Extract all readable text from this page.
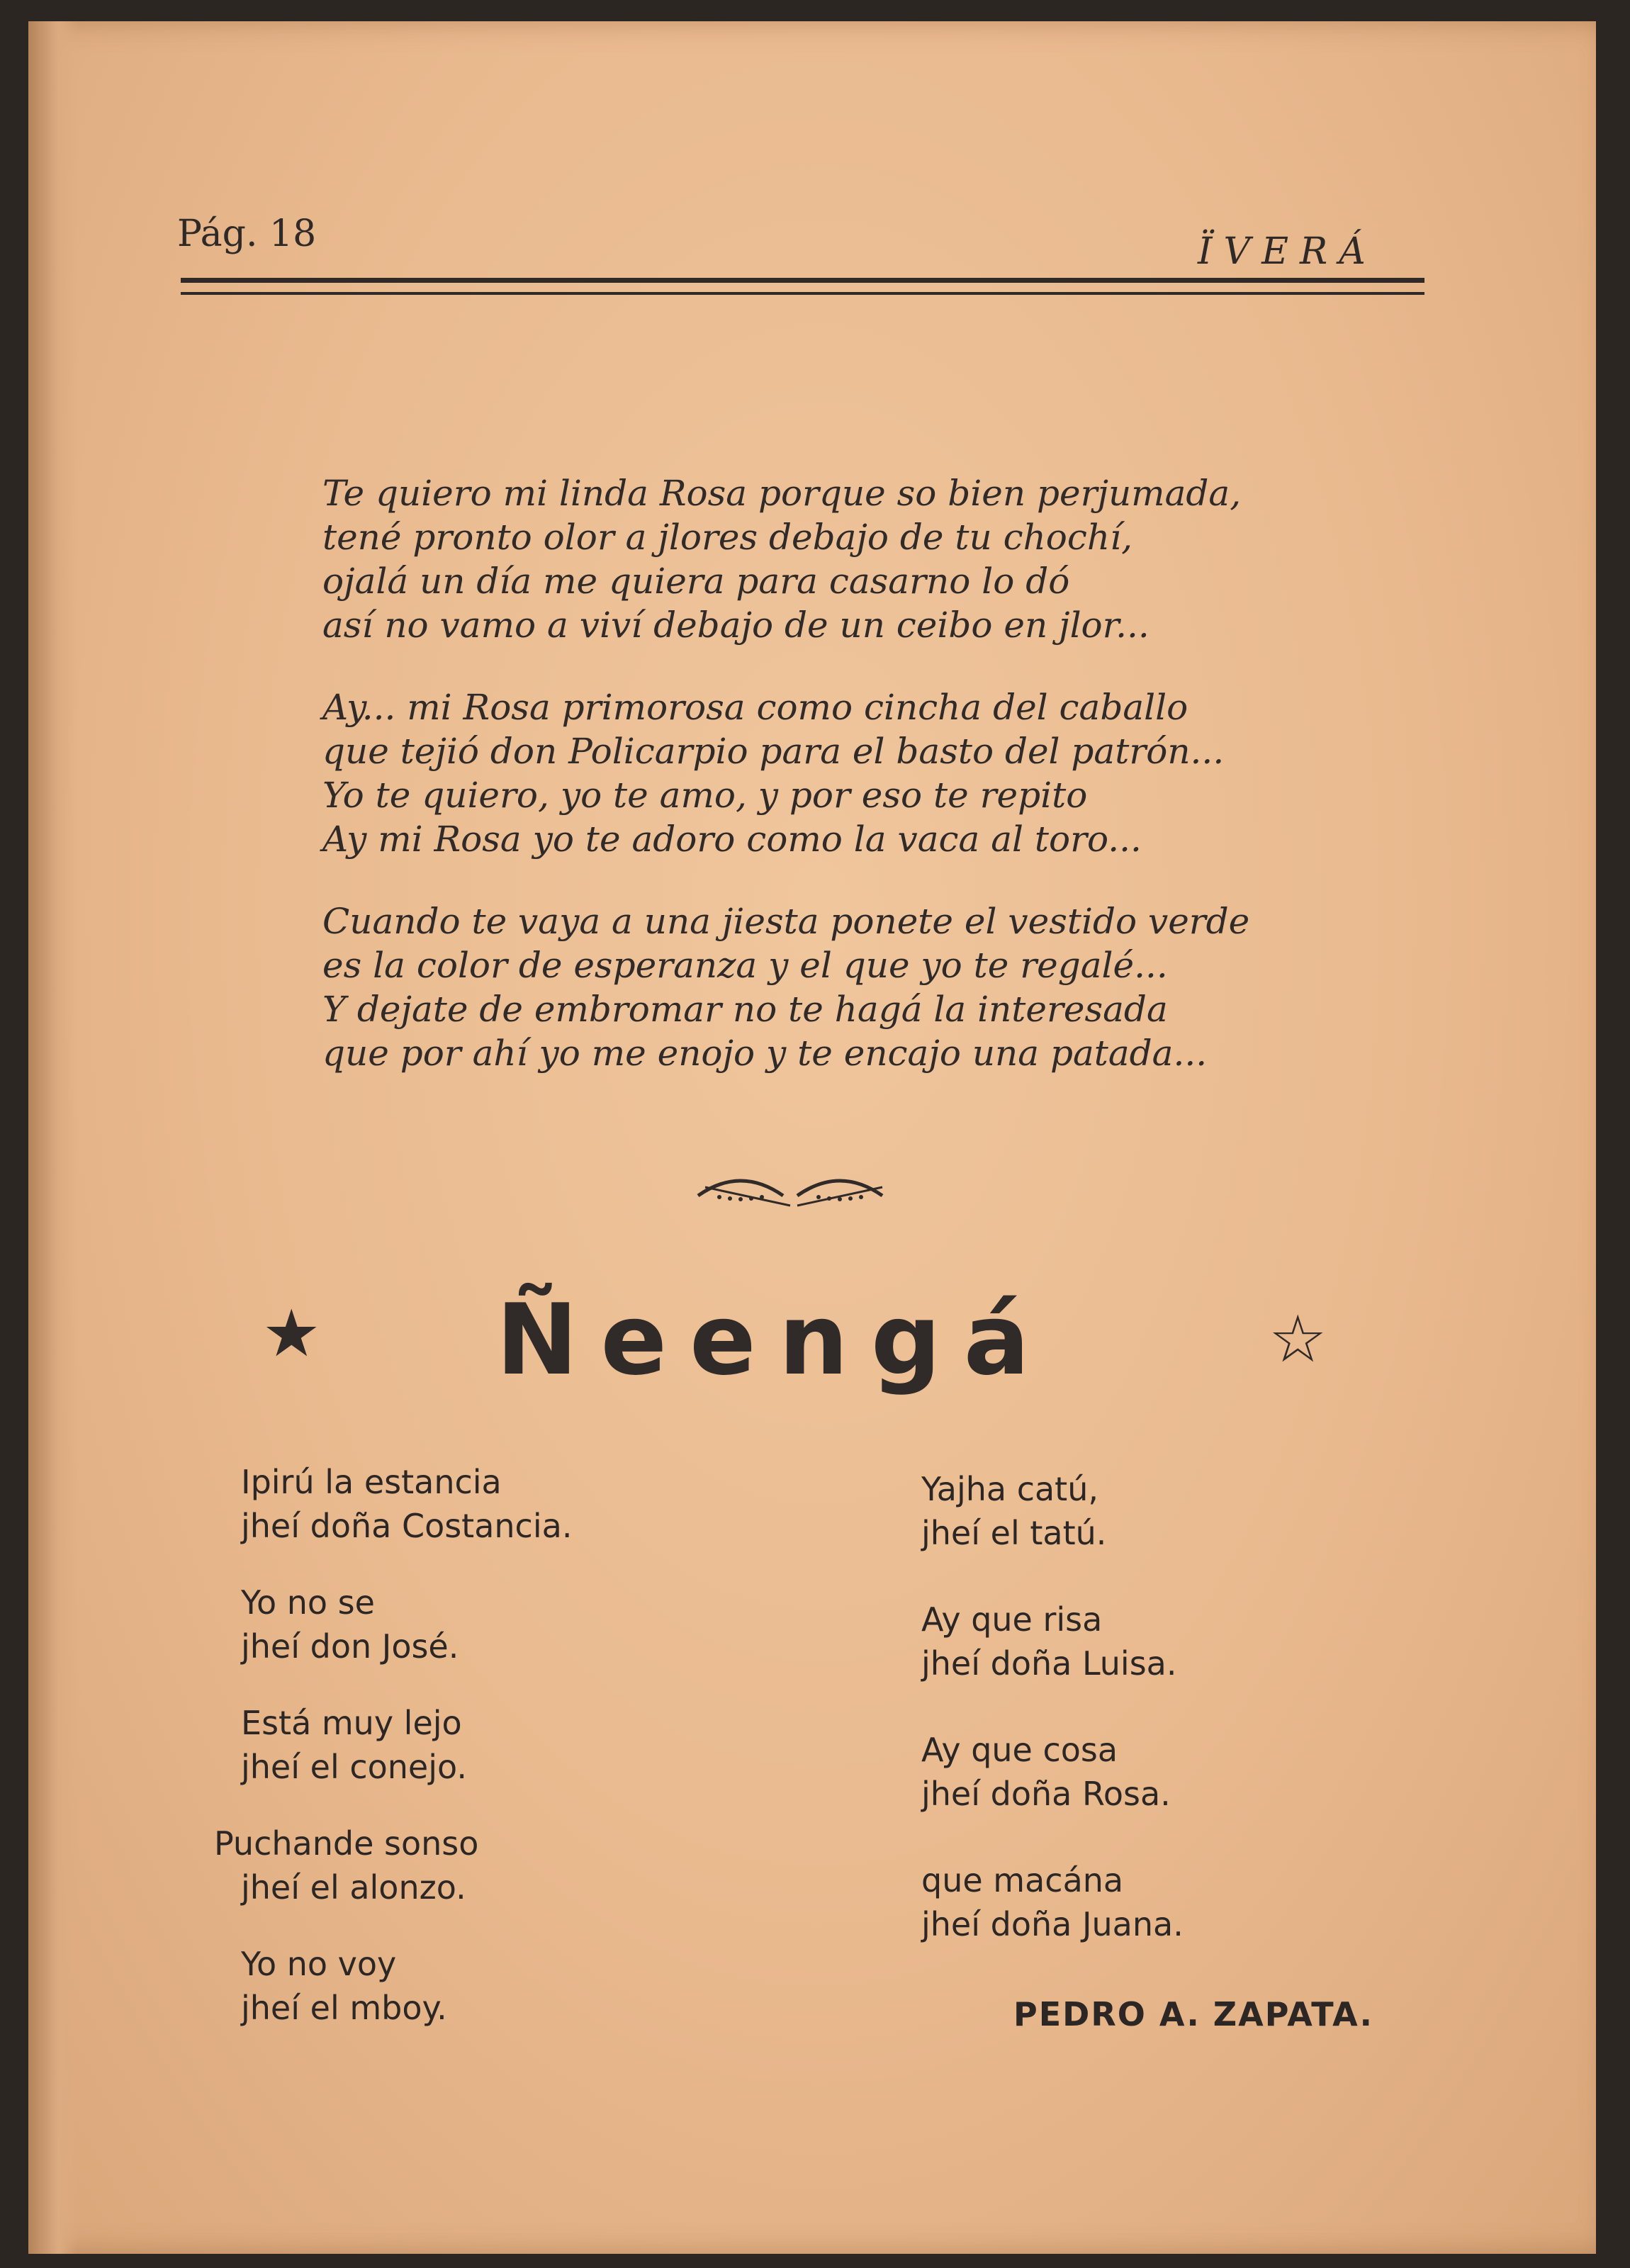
Pág. 18	ÏVERÁ
Te quiero mi linda Rosa porque so bien perjumada,
tené pronto olor a jlores debajo de tu chochí,
ojalá un día me quiera para casarno lo dó
así no vamo a viví debajo de un ceibo en jlor...
Ay... mi Rosa primorosa como cincha del caballo
que tejió don Policarpio para el basto del patrón...
Yo te quiero, yo te amo, y por eso te repito
Ay mi Rosa yo te adoro como la vaca al toro...
Cuando te vaya a una jiesta ponete el vestido verde
es la color de esperanza y el que yo te regalé...
Y dejate de embromar no te hagá la interesada
que por ahí yo me enojo y te encajo una patada...
★ Ñeengá	☆
Ipirú la estancia
jheí doña Costancia.
Yo no se
jheí don José.
Está muy lejo
jheí el conejo.
Puchande sonso
jheí el alonzo.
Yo no voy
jheí el mboy.
Yajha catú,
jheí el tatú.
Ay que risa
jheí doña Luisa.
Ay que cosa
jheí doña Rosa.
que macána
jheí doña Juana.
PEDRO A. ZAPATA.
